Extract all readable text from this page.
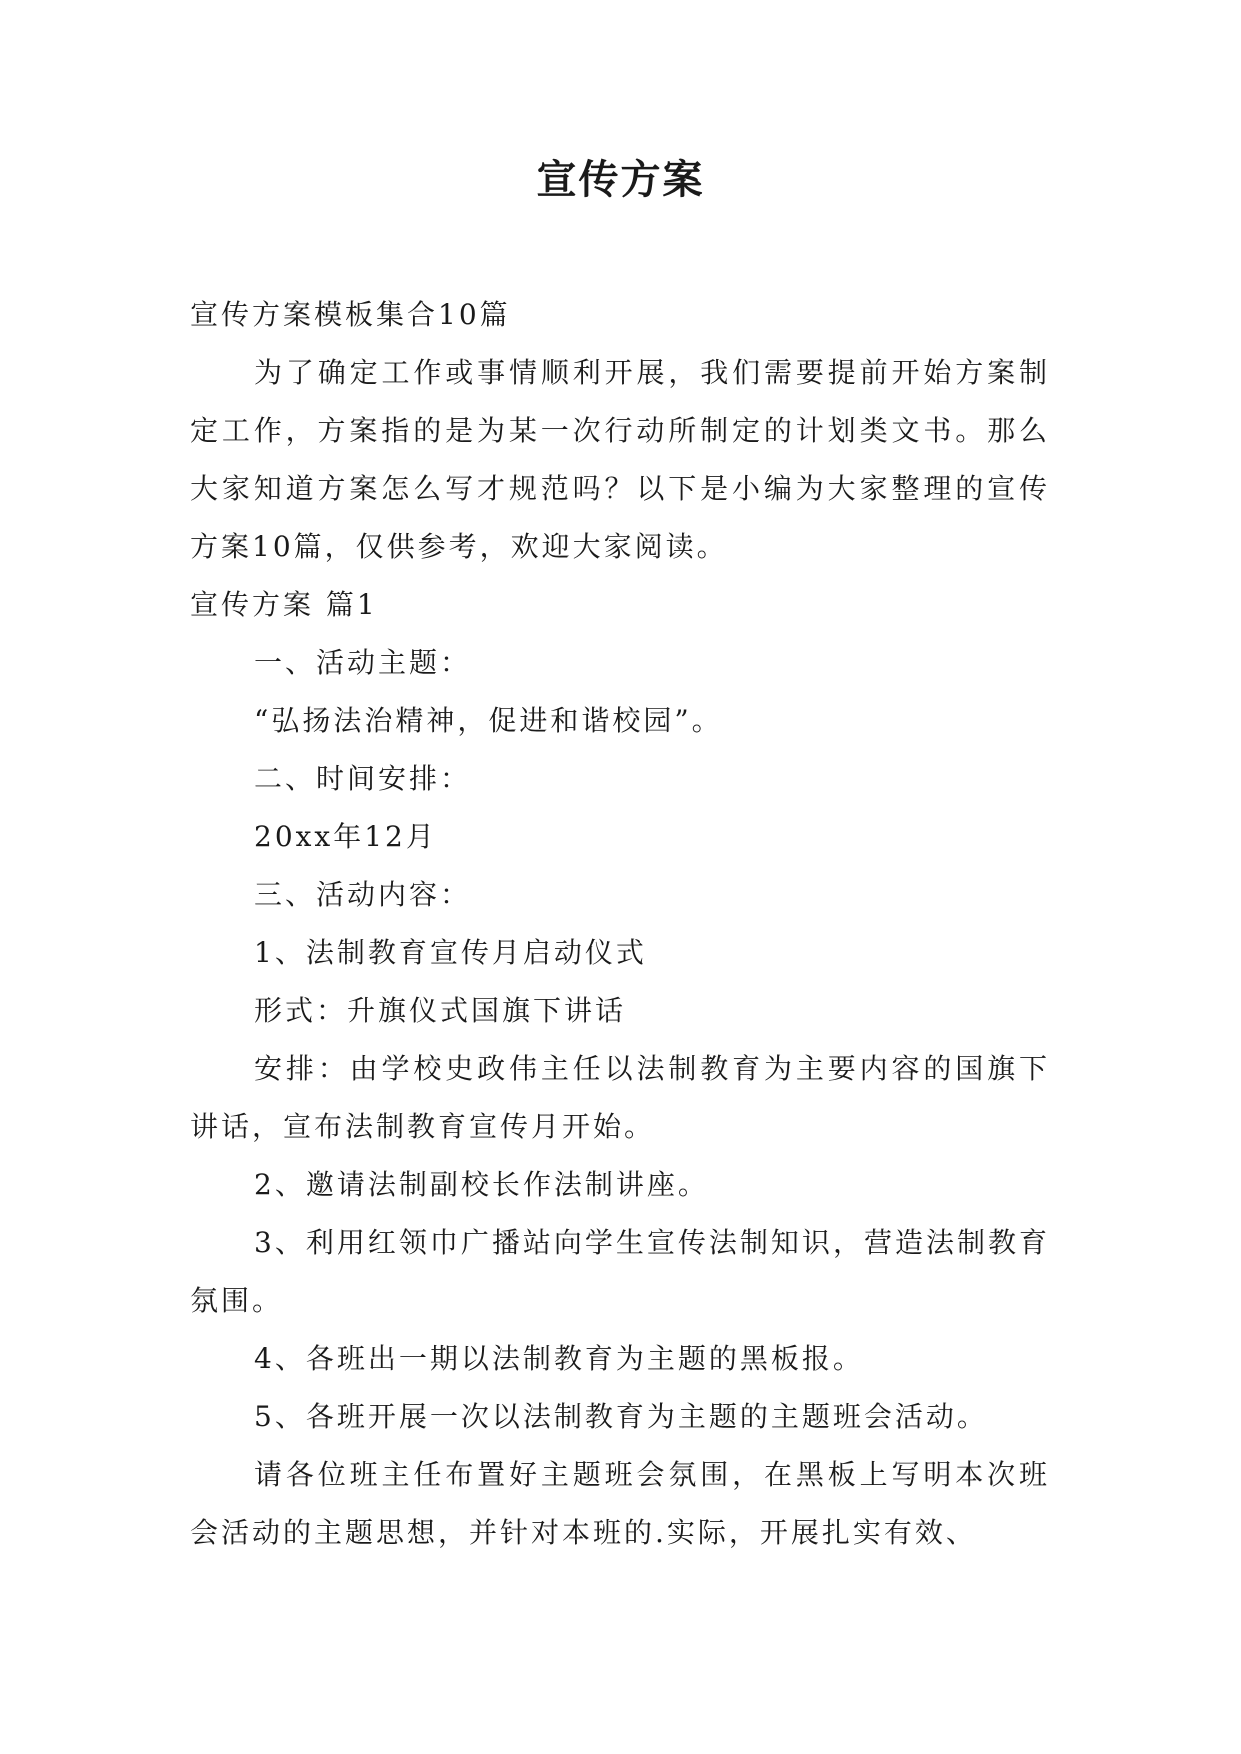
宣传方案

宣传方案模板集合10篇

为了确定工作或事情顺利开展，我们需要提前开始方案制定工作，方案指的是为某一次行动所制定的计划类文书。那么大家知道方案怎么写才规范吗？以下是小编为大家整理的宣传方案10篇，仅供参考，欢迎大家阅读。

宣传方案 篇1

一、活动主题：

“弘扬法治精神，促进和谐校园”。

二、时间安排：

20xx年12月

三、活动内容：

1、法制教育宣传月启动仪式

形式：升旗仪式国旗下讲话

安排：由学校史政伟主任以法制教育为主要内容的国旗下讲话，宣布法制教育宣传月开始。

2、邀请法制副校长作法制讲座。

3、利用红领巾广播站向学生宣传法制知识，营造法制教育氛围。

4、各班出一期以法制教育为主题的黑板报。

5、各班开展一次以法制教育为主题的主题班会活动。

请各位班主任布置好主题班会氛围，在黑板上写明本次班会活动的主题思想，并针对本班的.实际，开展扎实有效、
